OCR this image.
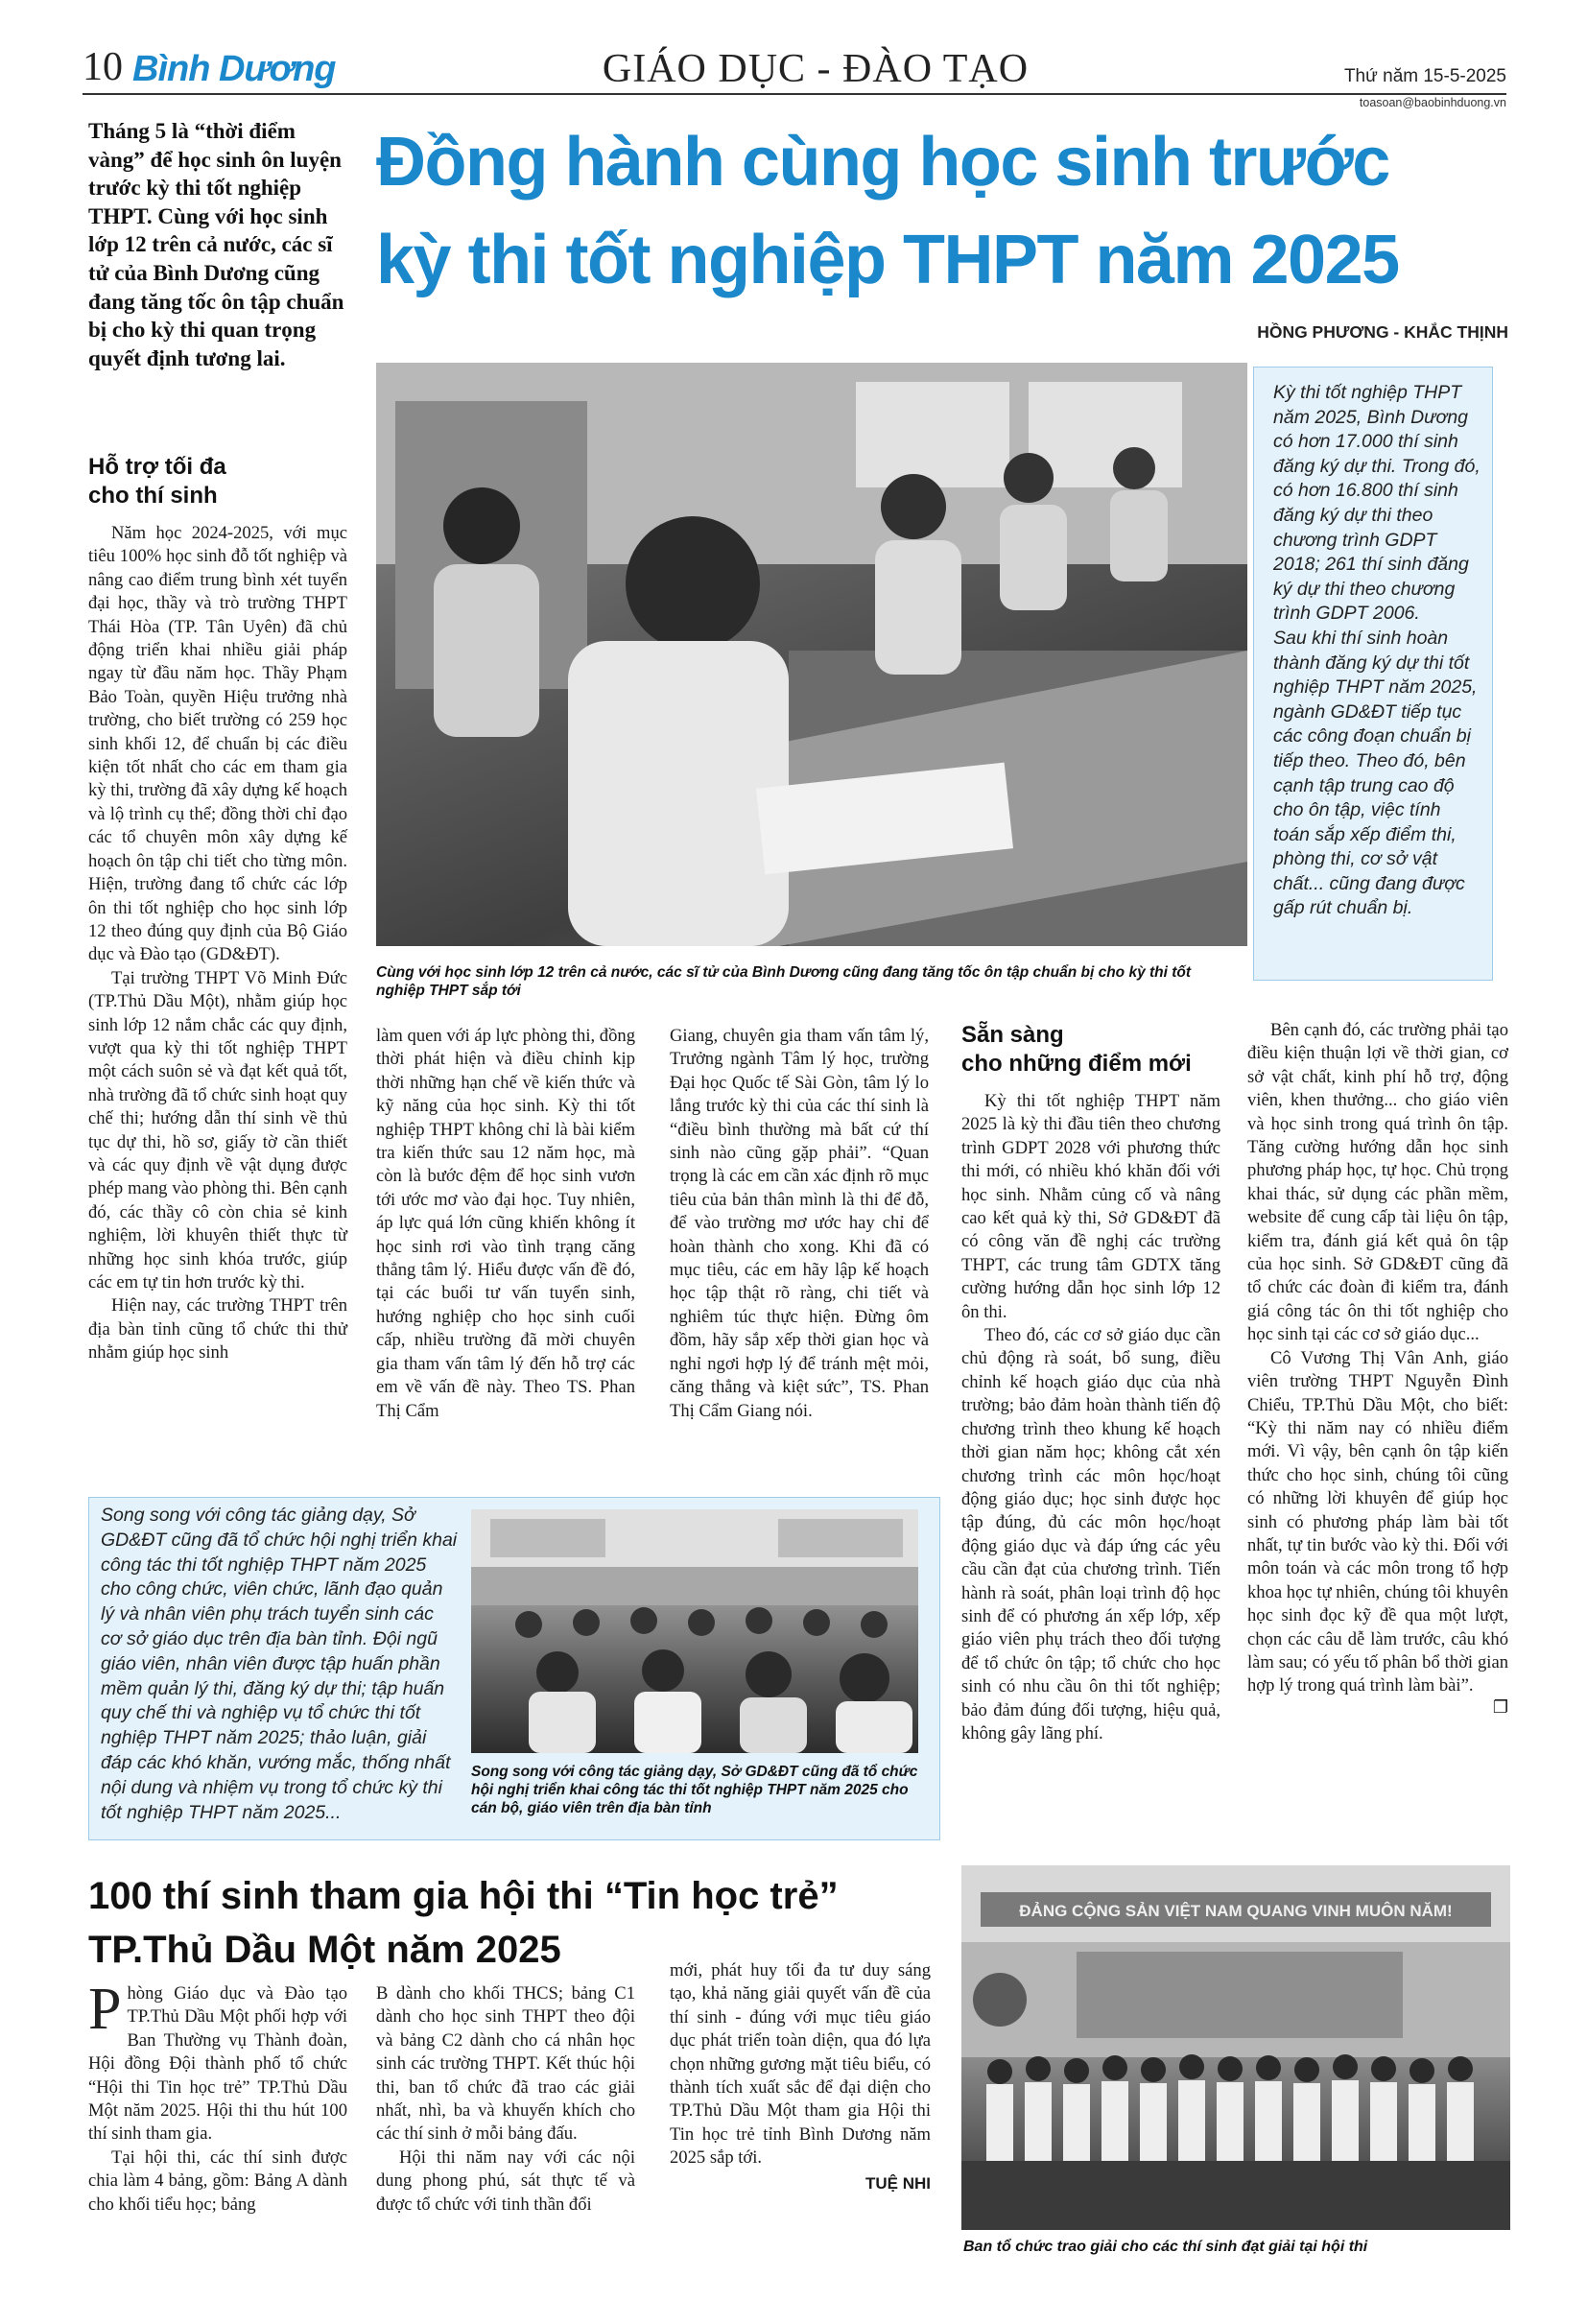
10 Bình Dương	GIÁO DỤC - ĐÀO TẠO	Thứ năm 15-5-2025
toasoan@baobinhduong.vn
Tháng 5 là “thời điểm vàng” để học sinh ôn luyện trước kỳ thi tốt nghiệp THPT. Cùng với học sinh lớp 12 trên cả nước, các sĩ tử của Bình Dương cũng đang tăng tốc ôn tập chuẩn bị cho kỳ thi quan trọng quyết định tương lai.
Đồng hành cùng học sinh trước
kỳ thi tốt nghiệp THPT năm 2025
HỒNG PHƯƠNG - KHẮC THỊNH
Hỗ trợ tối đa
cho thí sinh

Năm học 2024-2025, với mục tiêu 100% học sinh đỗ tốt nghiệp và nâng cao điểm trung bình xét tuyển đại học, thầy và trò trường THPT Thái Hòa (TP. Tân Uyên) đã chủ động triển khai nhiều giải pháp ngay từ đầu năm học. Thầy Phạm Bảo Toàn, quyền Hiệu trưởng nhà trường, cho biết trường có 259 học sinh khối 12, để chuẩn bị các điều kiện tốt nhất cho các em tham gia kỳ thi, trường đã xây dựng kế hoạch và lộ trình cụ thể; đồng thời chỉ đạo các tổ chuyên môn xây dựng kế hoạch ôn tập chi tiết cho từng môn. Hiện, trường đang tổ chức các lớp ôn thi tốt nghiệp cho học sinh lớp 12 theo đúng quy định của Bộ Giáo dục và Đào tạo (GD&ĐT).

Tại trường THPT Võ Minh Đức (TP.Thủ Dầu Một), nhằm giúp học sinh lớp 12 nắm chắc các quy định, vượt qua kỳ thi tốt nghiệp THPT một cách suôn sẻ và đạt kết quả tốt, nhà trường đã tổ chức sinh hoạt quy chế thi; hướng dẫn thí sinh về thủ tục dự thi, hồ sơ, giấy tờ cần thiết và các quy định về vật dụng được phép mang vào phòng thi. Bên cạnh đó, các thầy cô còn chia sẻ kinh nghiệm, lời khuyên thiết thực từ những học sinh khóa trước, giúp các em tự tin hơn trước kỳ thi.

Hiện nay, các trường THPT trên địa bàn tỉnh cũng tổ chức thi thử nhằm giúp học sinh

Kỳ thi tốt nghiệp THPT năm 2025, Bình Dương có hơn 17.000 thí sinh đăng ký dự thi. Trong đó, có hơn 16.800 thí sinh đăng ký dự thi theo chương trình GDPT 2018; 261 thí sinh đăng ký dự thi theo chương trình GDPT 2006.
Sau khi thí sinh hoàn thành đăng ký dự thi tốt nghiệp THPT năm 2025, ngành GD&ĐT tiếp tục các công đoạn chuẩn bị tiếp theo. Theo đó, bên cạnh tập trung cao độ cho ôn tập, việc tính toán sắp xếp điểm thi, phòng thi, cơ sở vật chất... cũng đang được gấp rút chuẩn bị.
Cùng với học sinh lớp 12 trên cả nước, các sĩ tử của Bình Dương cũng đang tăng tốc ôn tập chuẩn bị cho kỳ thi tốt nghiệp THPT sắp tới

làm quen với áp lực phòng thi, đồng thời phát hiện và điều chỉnh kịp thời những hạn chế về kiến thức và kỹ năng của học sinh. Kỳ thi tốt nghiệp THPT không chỉ là bài kiểm tra kiến thức sau 12 năm học, mà còn là bước đệm để học sinh vươn tới ước mơ vào đại học. Tuy nhiên, áp lực quá lớn cũng khiến không ít học sinh rơi vào tình trạng căng thẳng tâm lý. Hiểu được vấn đề đó, tại các buổi tư vấn tuyển sinh, hướng nghiệp cho học sinh cuối cấp, nhiều trường đã mời chuyên gia tham vấn tâm lý đến hỗ trợ các em về vấn đề này. Theo TS. Phan Thị Cẩm

Giang, chuyên gia tham vấn tâm lý, Trưởng ngành Tâm lý học, trường Đại học Quốc tế Sài Gòn, tâm lý lo lắng trước kỳ thi của các thí sinh là “điều bình thường mà bất cứ thí sinh nào cũng gặp phải”. “Quan trọng là các em cần xác định rõ mục tiêu của bản thân mình là thi để đỗ, để vào trường mơ ước hay chỉ để hoàn thành cho xong. Khi đã có mục tiêu, các em hãy lập kế hoạch học tập thật rõ ràng, chi tiết và nghiêm túc thực hiện. Đừng ôm đồm, hãy sắp xếp thời gian học và nghỉ ngơi hợp lý để tránh mệt mỏi, căng thẳng và kiệt sức”, TS. Phan Thị Cẩm Giang nói.

Sẵn sàng
cho những điểm mới

Kỳ thi tốt nghiệp THPT năm 2025 là kỳ thi đầu tiên theo chương trình GDPT 2028 với phương thức thi mới, có nhiều khó khăn đối với học sinh. Nhằm củng cố và nâng cao kết quả kỳ thi, Sở GD&ĐT đã có công văn đề nghị các trường THPT, các trung tâm GDTX tăng cường hướng dẫn học sinh lớp 12 ôn thi.

Theo đó, các cơ sở giáo dục cần chủ động rà soát, bổ sung, điều chỉnh kế hoạch giáo dục của nhà trường; bảo đảm hoàn thành tiến độ chương trình theo khung kế hoạch thời gian năm học; không cắt xén chương trình các môn học/hoạt động giáo dục; học sinh được học tập đúng, đủ các môn học/hoạt động giáo dục và đáp ứng các yêu cầu cần đạt của chương trình. Tiến hành rà soát, phân loại trình độ học sinh để có phương án xếp lớp, xếp giáo viên phụ trách theo đối tượng để tổ chức ôn tập; tổ chức cho học sinh có nhu cầu ôn thi tốt nghiệp; bảo đảm đúng đối tượng, hiệu quả, không gây lãng phí.

Bên cạnh đó, các trường phải tạo điều kiện thuận lợi về thời gian, cơ sở vật chất, kinh phí hỗ trợ, động viên, khen thưởng... cho giáo viên và học sinh trong quá trình ôn tập. Tăng cường hướng dẫn học sinh phương pháp học, tự học. Chủ trọng khai thác, sử dụng các phần mềm, website để cung cấp tài liệu ôn tập, kiểm tra, đánh giá kết quả ôn tập của học sinh. Sở GD&ĐT cũng đã tổ chức các đoàn đi kiểm tra, đánh giá công tác ôn thi tốt nghiệp cho học sinh tại các cơ sở giáo dục...

Cô Vương Thị Vân Anh, giáo viên trường THPT Nguyễn Đình Chiểu, TP.Thủ Dầu Một, cho biết: “Kỳ thi năm nay có nhiều điểm mới. Vì vậy, bên cạnh ôn tập kiến thức cho học sinh, chúng tôi cũng có những lời khuyên để giúp học sinh có phương pháp làm bài tốt nhất, tự tin bước vào kỳ thi. Đối với môn toán và các môn trong tổ hợp khoa học tự nhiên, chúng tôi khuyên học sinh đọc kỹ đề qua một lượt, chọn các câu dễ làm trước, câu khó làm sau; có yếu tố phân bổ thời gian hợp lý trong quá trình làm bài”.

❐
Song song với công tác giảng dạy, Sở GD&ĐT cũng đã tổ chức hội nghị triển khai công tác thi tốt nghiệp THPT năm 2025 cho công chức, viên chức, lãnh đạo quản lý và nhân viên phụ trách tuyển sinh các cơ sở giáo dục trên địa bàn tỉnh. Đội ngũ giáo viên, nhân viên được tập huấn phần mềm quản lý thi, đăng ký dự thi; tập huấn quy chế thi và nghiệp vụ tổ chức thi tốt nghiệp THPT năm 2025; thảo luận, giải đáp các khó khăn, vướng mắc, thống nhất nội dung và nhiệm vụ trong tổ chức kỳ thi tốt nghiệp THPT năm 2025...
Song song với công tác giảng dạy, Sở GD&ĐT cũng đã tổ chức hội nghị triển khai công tác thi tốt nghiệp THPT năm 2025 cho cán bộ, giáo viên trên địa bàn tỉnh
100 thí sinh tham gia hội thi “Tin học trẻ”
TP.Thủ Dầu Một năm 2025

P hòng Giáo dục và Đào tạo TP.Thủ Dầu Một phối hợp với Ban Thường vụ Thành đoàn, Hội đồng Đội thành phố tổ chức “Hội thi Tin học trẻ” TP.Thủ Dầu Một năm 2025. Hội thi thu hút 100 thí sinh tham gia.

Tại hội thi, các thí sinh được chia làm 4 bảng, gồm: Bảng A dành cho khối tiểu học; bảng

B dành cho khối THCS; bảng C1 dành cho học sinh THPT theo đội và bảng C2 dành cho cá nhân học sinh các trường THPT. Kết thúc hội thi, ban tổ chức đã trao các giải nhất, nhì, ba và khuyến khích cho các thí sinh ở mỗi bảng đấu.

Hội thi năm nay với các nội dung phong phú, sát thực tế và được tổ chức với tinh thần đổi

mới, phát huy tối đa tư duy sáng tạo, khả năng giải quyết vấn đề của thí sinh - đúng với mục tiêu giáo dục phát triển toàn diện, qua đó lựa chọn những gương mặt tiêu biểu, có thành tích xuất sắc để đại diện cho TP.Thủ Dầu Một tham gia Hội thi Tin học trẻ tỉnh Bình Dương năm 2025 sắp tới.

TUỆ NHI
ĐẢNG CỘNG SẢN VIỆT NAM QUANG VINH MUÔN NĂM!
Ban tổ chức trao giải cho các thí sinh đạt giải tại hội thi
